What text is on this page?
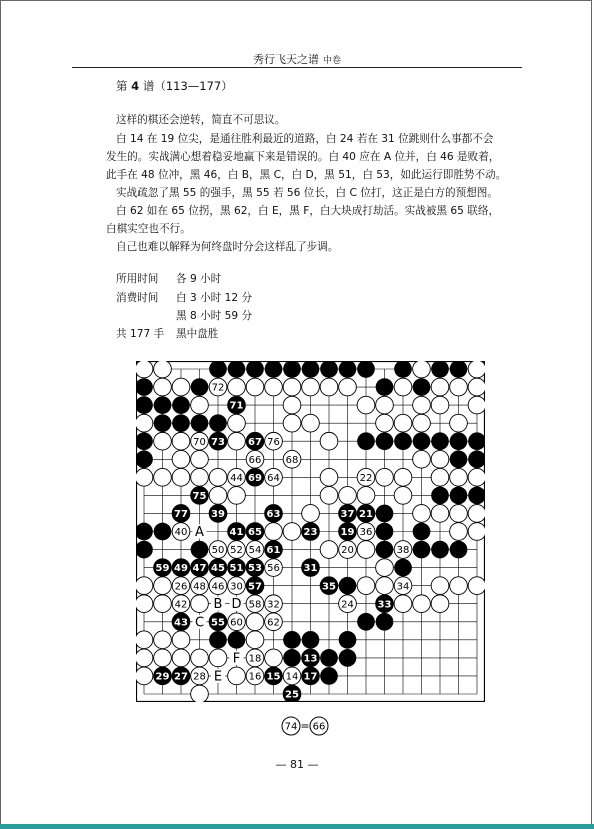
秀行飞天之谱 中卷
第 4 谱（113—177）
这样的棋还会逆转，简直不可思议。
白 14 在 19 位尖，是通往胜利最近的道路，白 24 若在 31 位跳则什么事都不会
发生的。实战满心想着稳妥地赢下来是错误的。白 40 应在 A 位并，白 46 是败着，
此手在 48 位冲，黑 46，白 B，黑 C，白 D，黑 51，白 53，如此运行即胜势不动。
实战疏忽了黑 55 的强手，黑 55 若 56 位长，白 C 位打，这正是白方的预想图。
白 62 如在 65 位拐，黑 62，白 E，黑 F，白大块成打劫活。实战被黑 65 联络，
白棋实空也不行。
自己也难以解释为何终盘时分会这样乱了步调。
所用时间 各 9 小时
消费时间 白 3 小时 12 分
黑 8 小时 59 分
共 177 手 黑中盘胜
72
71
70 73 67 76
66 68
44 69 64	22
75
77 39	63	37 21
40	41 65	23 19 36
50 52 54 61	20	38
59 49 47 45 51 53 56 31
26 48 46 30 57	35	34
42	58 32	24 33
43 55 60 62
18	13
29 27 28	16 15 14 17
25
A
B D
C
F
E
74 = 66
— 81 —
